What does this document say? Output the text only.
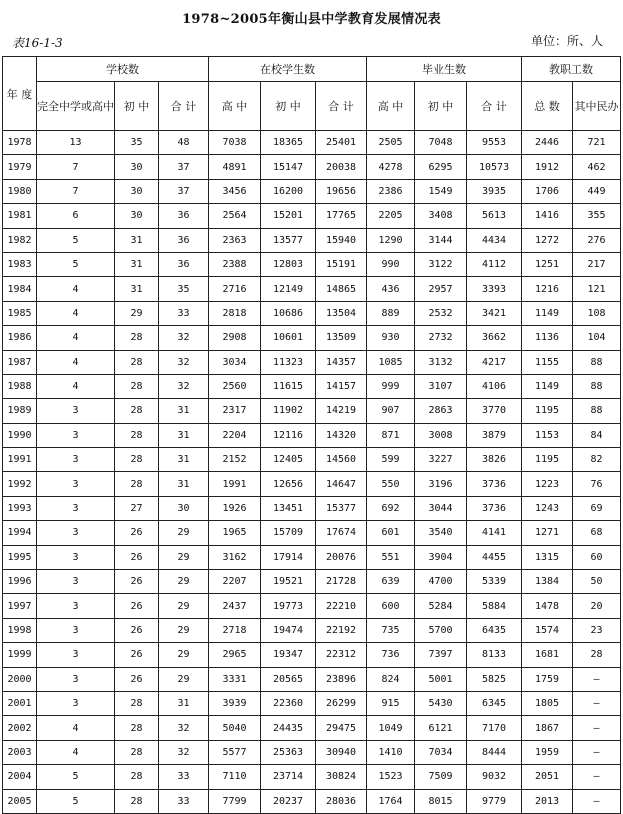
1978~2005年衡山县中学教育发展情况表
表16-1-3	单位：所、人
年 度	学校数			在校学生数			毕业生数			教职工数	
	完全中学或高中	初 中	合 计	高 中	初 中	合 计	高 中	初 中	合 计	总 数	其中民办
1978	13	35	48	7038	18365	25401	2505	7048	9553	2446	721
1979	7	30	37	4891	15147	20038	4278	6295	10573	1912	462
1980	7	30	37	3456	16200	19656	2386	1549	3935	1706	449
1981	6	30	36	2564	15201	17765	2205	3408	5613	1416	355
1982	5	31	36	2363	13577	15940	1290	3144	4434	1272	276
1983	5	31	36	2388	12803	15191	990	3122	4112	1251	217
1984	4	31	35	2716	12149	14865	436	2957	3393	1216	121
1985	4	29	33	2818	10686	13504	889	2532	3421	1149	108
1986	4	28	32	2908	10601	13509	930	2732	3662	1136	104
1987	4	28	32	3034	11323	14357	1085	3132	4217	1155	88
1988	4	28	32	2560	11615	14157	999	3107	4106	1149	88
1989	3	28	31	2317	11902	14219	907	2863	3770	1195	88
1990	3	28	31	2204	12116	14320	871	3008	3879	1153	84
1991	3	28	31	2152	12405	14560	599	3227	3826	1195	82
1992	3	28	31	1991	12656	14647	550	3196	3736	1223	76
1993	3	27	30	1926	13451	15377	692	3044	3736	1243	69
1994	3	26	29	1965	15709	17674	601	3540	4141	1271	68
1995	3	26	29	3162	17914	20076	551	3904	4455	1315	60
1996	3	26	29	2207	19521	21728	639	4700	5339	1384	50
1997	3	26	29	2437	19773	22210	600	5284	5884	1478	20
1998	3	26	29	2718	19474	22192	735	5700	6435	1574	23
1999	3	26	29	2965	19347	22312	736	7397	8133	1681	28
2000	3	26	29	3331	20565	23896	824	5001	5825	1759	—
2001	3	28	31	3939	22360	26299	915	5430	6345	1805	—
2002	4	28	32	5040	24435	29475	1049	6121	7170	1867	—
2003	4	28	32	5577	25363	30940	1410	7034	8444	1959	—
2004	5	28	33	7110	23714	30824	1523	7509	9032	2051	—
2005	5	28	33	7799	20237	28036	1764	8015	9779	2013	—
